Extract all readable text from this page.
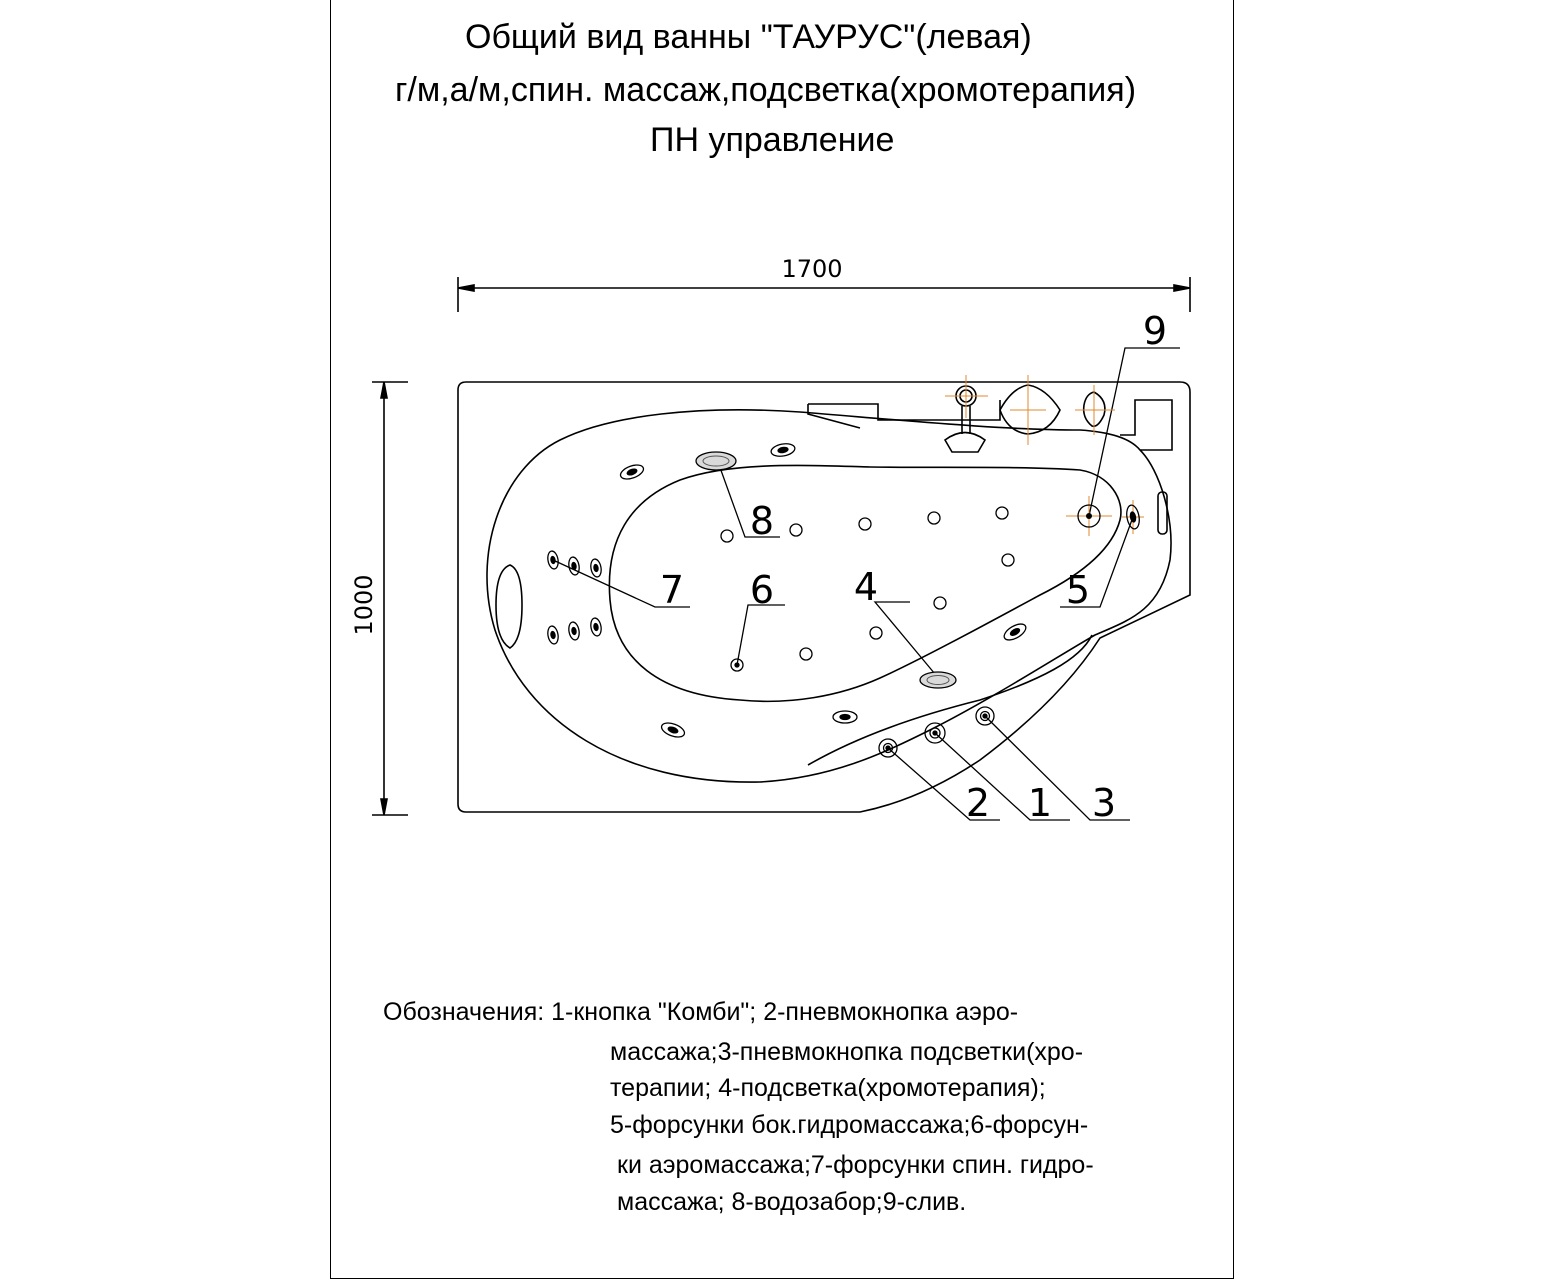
Общий вид ванны "ТАУРУС"(левая)
г/м,а/м,спин. массаж,подсветка(хромотерапия)
ПН управление
1700
1000
1
2	3
4	5
6
7
8
9
Обозначения: 1-кнопка "Комби"; 2-пневмокнопка аэро-
массажа;3-пневмокнопка подсветки(хро-
терапии; 4-подсветка(хромотерапия);
5-форсунки бок.гидромассажа;6-форсун-
ки аэромассажа;7-форсунки спин. гидро-
массажа; 8-водозабор;9-слив.
